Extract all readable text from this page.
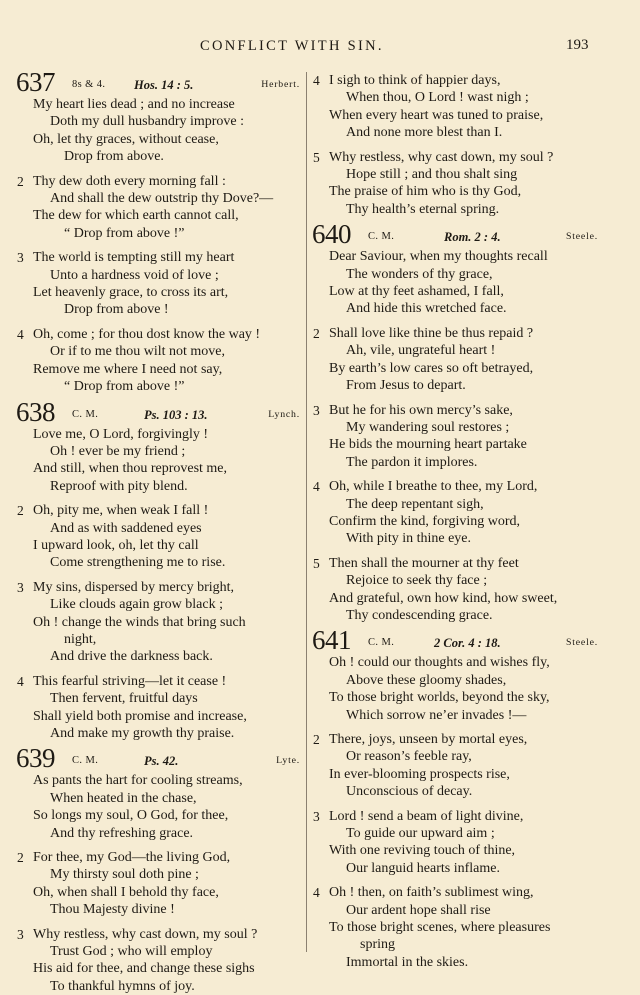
CONFLICT WITH SIN.	193
637 8s & 4. Hos. 14 : 5.	Herbert.
My heart lies dead ; and no increase
Doth my dull husbandry improve :
Oh, let thy graces, without cease,
Drop from above.
2 Thy dew doth every morning fall :
And shall the dew outstrip thy Dove?—
The dew for which earth cannot call,
“ Drop from above !”
3 The world is tempting still my heart
Unto a hardness void of love ;
Let heavenly grace, to cross its art,
Drop from above !
4 Oh, come ; for thou dost know the way !
Or if to me thou wilt not move,
Remove me where I need not say,
“ Drop from above !”
638 C. M.	Ps. 103 : 13.	Lynch.
Love me, O Lord, forgivingly !
Oh ! ever be my friend ;
And still, when thou reprovest me,
Reproof with pity blend.
2 Oh, pity me, when weak I fall !
And as with saddened eyes
I upward look, oh, let thy call
Come strengthening me to rise.
3 My sins, dispersed by mercy bright,
Like clouds again grow black ;
Oh ! change the winds that bring such
night,
And drive the darkness back.
4 This fearful striving—let it cease !
Then fervent, fruitful days
Shall yield both promise and increase,
And make my growth thy praise.
639 C. M.	Ps. 42.	Lyte.
As pants the hart for cooling streams,
When heated in the chase,
So longs my soul, O God, for thee,
And thy refreshing grace.
2 For thee, my God—the living God,
My thirsty soul doth pine ;
Oh, when shall I behold thy face,
Thou Majesty divine !
3 Why restless, why cast down, my soul ?
Trust God ; who will employ
His aid for thee, and change these sighs
To thankful hymns of joy.
4 I sigh to think of happier days,
When thou, O Lord ! wast nigh ;
When every heart was tuned to praise,
And none more blest than I.
5 Why restless, why cast down, my soul ?
Hope still ; and thou shalt sing
The praise of him who is thy God,
Thy health’s eternal spring.
640 C. M.	Rom. 2 : 4.	Steele.
Dear Saviour, when my thoughts recall
The wonders of thy grace,
Low at thy feet ashamed, I fall,
And hide this wretched face.
2 Shall love like thine be thus repaid ?
Ah, vile, ungrateful heart !
By earth’s low cares so oft betrayed,
From Jesus to depart.
3 But he for his own mercy’s sake,
My wandering soul restores ;
He bids the mourning heart partake
The pardon it implores.
4 Oh, while I breathe to thee, my Lord,
The deep repentant sigh,
Confirm the kind, forgiving word,
With pity in thine eye.
5 Then shall the mourner at thy feet
Rejoice to seek thy face ;
And grateful, own how kind, how sweet,
Thy condescending grace.
641 C. M.	2 Cor. 4 : 18.	Steele.
Oh ! could our thoughts and wishes fly,
Above these gloomy shades,
To those bright worlds, beyond the sky,
Which sorrow ne’er invades !—
2 There, joys, unseen by mortal eyes,
Or reason’s feeble ray,
In ever-blooming prospects rise,
Unconscious of decay.
3 Lord ! send a beam of light divine,
To guide our upward aim ;
With one reviving touch of thine,
Our languid hearts inflame.
4 Oh ! then, on faith’s sublimest wing,
Our ardent hope shall rise
To those bright scenes, where pleasures
spring
Immortal in the skies.
